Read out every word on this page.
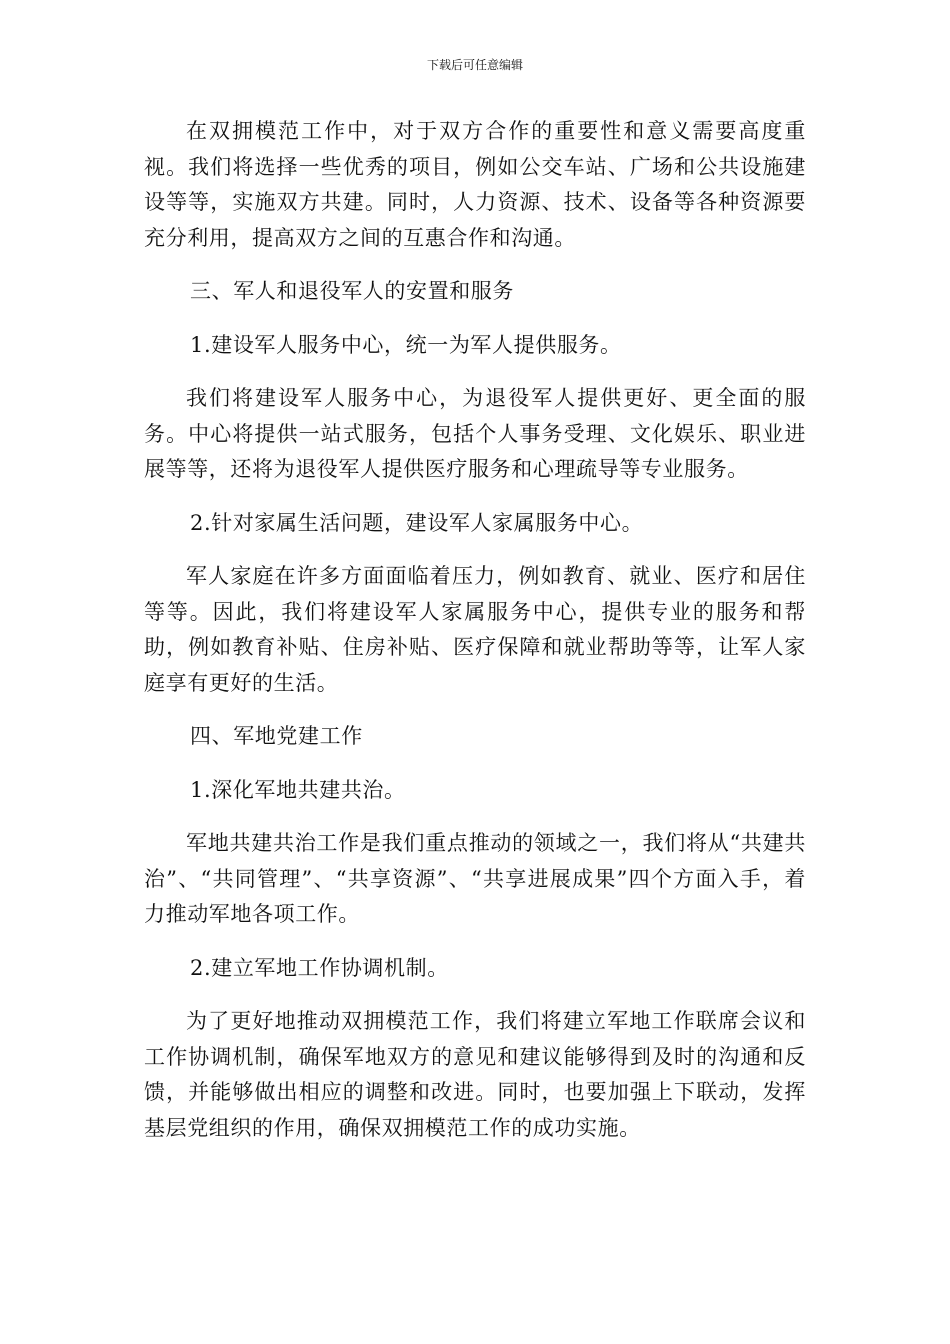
下载后可任意编辑

在双拥模范工作中，对于双方合作的重要性和意义需要高度重视。我们将选择一些优秀的项目，例如公交车站、广场和公共设施建设等等，实施双方共建。同时，人力资源、技术、设备等各种资源要充分利用，提高双方之间的互惠合作和沟通。

三、军人和退役军人的安置和服务

1.建设军人服务中心，统一为军人提供服务。

我们将建设军人服务中心，为退役军人提供更好、更全面的服务。中心将提供一站式服务，包括个人事务受理、文化娱乐、职业进展等等，还将为退役军人提供医疗服务和心理疏导等专业服务。

2.针对家属生活问题，建设军人家属服务中心。

军人家庭在许多方面面临着压力，例如教育、就业、医疗和居住等等。因此，我们将建设军人家属服务中心，提供专业的服务和帮助，例如教育补贴、住房补贴、医疗保障和就业帮助等等，让军人家庭享有更好的生活。

四、军地党建工作

1.深化军地共建共治。

军地共建共治工作是我们重点推动的领域之一，我们将从“共建共治”、“共同管理”、“共享资源”、“共享进展成果”四个方面入手，着力推动军地各项工作。

2.建立军地工作协调机制。

为了更好地推动双拥模范工作，我们将建立军地工作联席会议和工作协调机制，确保军地双方的意见和建议能够得到及时的沟通和反馈，并能够做出相应的调整和改进。同时，也要加强上下联动，发挥基层党组织的作用，确保双拥模范工作的成功实施。
